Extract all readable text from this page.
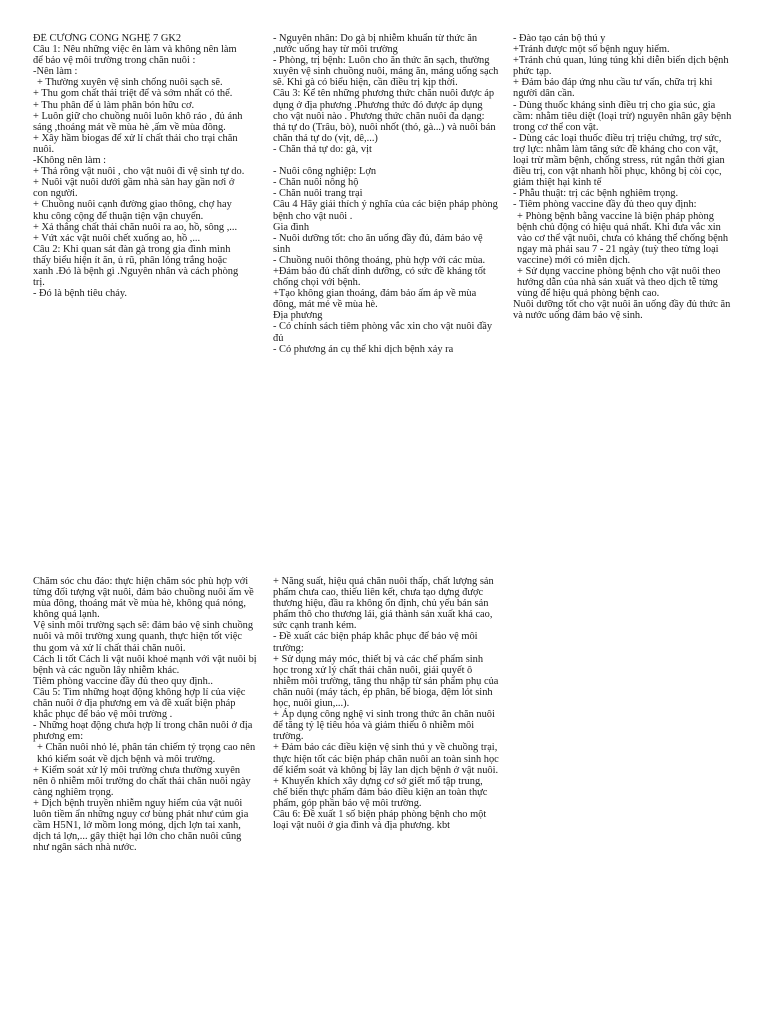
ĐỀ CƯƠNG CÔNG NGHỆ 7 GK2

Câu 1: Nêu những việc ên làm và không nên làm để bảo vệ môi trường trong chăn nuôi :

-Nên làm :

+ Thường xuyên vệ sinh chống nuôi sạch sẽ.

+ Thu gom chất thải triệt để và sớm nhất có thể.

+ Thu phân để ủ làm phân bón hữu cơ.

+ Luôn giữ cho chuồng nuôi luôn khô ráo , đủ ánh sáng ,thoáng mát về mùa hè ,ấm về mùa đông.

+ Xây hầm biogas để xử lí chất thải cho trại chăn nuôi.

-Không nên làm :

+ Thả rông vật nuôi , cho vật nuôi đi vệ sinh tự do.

+ Nuôi vật nuôi dưới gầm nhà sàn hay gần nơi ở con người.

+ Chuồng nuôi cạnh đường giao thông, chợ hay khu công cộng để thuận tiện vận chuyển.

+ Xả thẳng chất thải chăn nuôi ra ao, hồ, sông ,...

+ Vứt xác vật nuôi chết xuống ao, hồ ,...

Câu 2: Khi quan sát đàn gà trong gia đình mình thấy biểu hiện ít ăn, ủ rũ, phân lỏng trắng hoặc xanh .Đó là bệnh gì .Nguyên nhân và cách phòng trị.

- Đó là bệnh tiêu chảy.

- Nguyên nhân: Do gà bị nhiễm khuẩn từ thức ăn ,nước uống hay từ môi trường

- Phòng, trị bệnh: Luôn cho ăn thức ăn sạch, thường xuyên vệ sinh chuồng nuôi, máng ăn, máng uống sạch sẽ. Khi gà có biểu hiện, cần điều trị kịp thời.

Câu 3: Kể tên những phương thức chăn nuôi được áp dụng ở địa phương .Phương thức đó được áp dụng cho vật nuôi nào . Phương thức chăn nuôi đa dạng: thả tự do (Trâu, bò), nuôi nhốt (thỏ, gà...) và nuôi bán chăn thả tự do (vịt, dê,...)

- Chăn thả tự do: gà, vịt

- Nuôi công nghiệp: Lợn

- Chăn nuôi nông hộ

- Chăn nuôi trang trại

Câu 4 Hãy giải thích ý nghĩa của các biện pháp phòng bệnh cho vật nuôi .

Gia đình

- Nuôi dưỡng tốt: cho ăn uống đầy đủ, đảm bảo vệ sinh

- Chuồng nuôi thông thoáng, phù hợp với các mùa.

+Đảm bảo đủ chất dinh dưỡng, có sức đề kháng tốt chống chọi với bệnh.

+Tạo không gian thoáng, đảm bảo ấm áp về mùa đông, mát mẻ về mùa hè.

Địa phương

- Có chính sách tiêm phòng vắc xin cho vật nuôi đầy đủ

- Có phương án cụ thể khi dịch bệnh xảy ra

- Đào tạo cán bộ thú y

+Tránh được một số bệnh nguy hiểm.

+Tránh chủ quan, lúng túng khi diễn biến dịch bệnh phức tạp.

+ Đảm bảo đáp ứng nhu cầu tư vấn, chữa trị khi người dân cần.

- Dùng thuốc kháng sinh điều trị cho gia súc, gia cầm: nhằm tiêu diệt (loại trừ) nguyên nhân gây bệnh trong cơ thể con vật.

- Dùng các loại thuốc điều trị triệu chứng, trợ sức, trợ lực: nhằm làm tăng sức đề kháng cho con vật, loại trừ mầm bệnh, chống stress, rút ngắn thời gian điều trị, con vật nhanh hồi phục, không bị còi cọc, giảm thiệt hại kinh tế

- Phẫu thuật: trị các bệnh nghiêm trọng.

- Tiêm phòng vaccine đầy đủ theo quy định:

+ Phòng bệnh bằng vaccine là biện pháp phòng bệnh chủ động có hiệu quả nhất. Khi đưa vắc xin vào cơ thể vật nuôi, chưa có kháng thể chống bệnh ngay mà phải sau 7 - 21 ngày (tuỳ theo từng loại vaccine) mới có miễn dịch.

+ Sử dụng vaccine phòng bệnh cho vật nuôi theo hướng dẫn của nhà sản xuất và theo dịch tễ từng vùng để hiệu quả phòng bệnh cao.

Nuôi dưỡng tốt cho vật nuôi ăn uống đầy đủ thức ăn và nước uống đảm bảo vệ sinh.

Chăm sóc chu đáo: thực hiện chăm sóc phù hợp với từng đối tượng vật nuôi, đảm bảo chuồng nuôi ấm về mùa đông, thoáng mát về mùa hè, không quá nóng, không quá lạnh.

Vệ sinh môi trường sạch sẽ: đảm bảo vệ sinh chuồng nuôi và môi trường xung quanh, thực hiện tốt việc thu gom và xử lí chất thải chăn nuôi.

Cách li tốt Cách li vật nuôi khoẻ mạnh với vật nuôi bị bệnh và các nguồn lây nhiễm khác.

Tiêm phòng vaccine đầy đủ theo quy định..

Câu 5: Tìm những hoạt động không hợp lí của việc chăn nuôi ở địa phương em và đề xuất biện pháp khắc phục để bảo vệ môi trường .

- Những hoạt động chưa hợp lí trong chăn nuôi ở địa phương em:

+ Chăn nuôi nhỏ lẻ, phân tán chiếm tỷ trọng cao nên khó kiểm soát về dịch bệnh và môi trường.

+ Kiểm soát xử lý môi trường chưa thường xuyên nên ô nhiễm môi trường do chất thải chăn nuôi ngày càng nghiêm trọng.

+ Dịch bệnh truyền nhiễm nguy hiểm của vật nuôi luôn tiềm ẩn những nguy cơ bùng phát như cúm gia cầm H5N1, lở mồm long móng, dịch lợn tai xanh, dịch tả lợn,... gây thiệt hại lớn cho chăn nuôi cũng như ngân sách nhà nước.

+ Năng suất, hiệu quả chăn nuôi thấp, chất lượng sản phẩm chưa cao, thiếu liên kết, chưa tạo dựng được thương hiệu, đầu ra không ổn định, chủ yếu bán sản phẩm thô cho thương lái, giá thành sản xuất khá cao, sức cạnh tranh kém.

- Đề xuất các biện pháp khắc phục để bảo vệ môi trường:

+ Sử dụng máy móc, thiết bị và các chế phẩm sinh học trong xử lý chất thải chăn nuôi, giải quyết ô nhiễm môi trường, tăng thu nhập từ sản phẩm phụ của chăn nuôi (máy tách, ép phân, bể bioga, đệm lót sinh học, nuôi giun,...).

+ Áp dụng công nghệ vi sinh trong thức ăn chăn nuôi để tăng tỷ lệ tiêu hóa và giảm thiểu ô nhiễm môi trường.

+ Đảm bảo các điều kiện vệ sinh thú y về chuồng trại, thực hiện tốt các biện pháp chăn nuôi an toàn sinh học để kiểm soát và không bị lây lan dịch bệnh ở vật nuôi.

+ Khuyến khích xây dựng cơ sở giết mổ tập trung, chế biến thực phẩm đảm bảo điều kiện an toàn thực phẩm, góp phần bảo vệ môi trường.

Câu 6: Đề xuất 1 số biện pháp phòng bệnh cho một loại vật nuôi ở gia đình và địa phương. kbt
